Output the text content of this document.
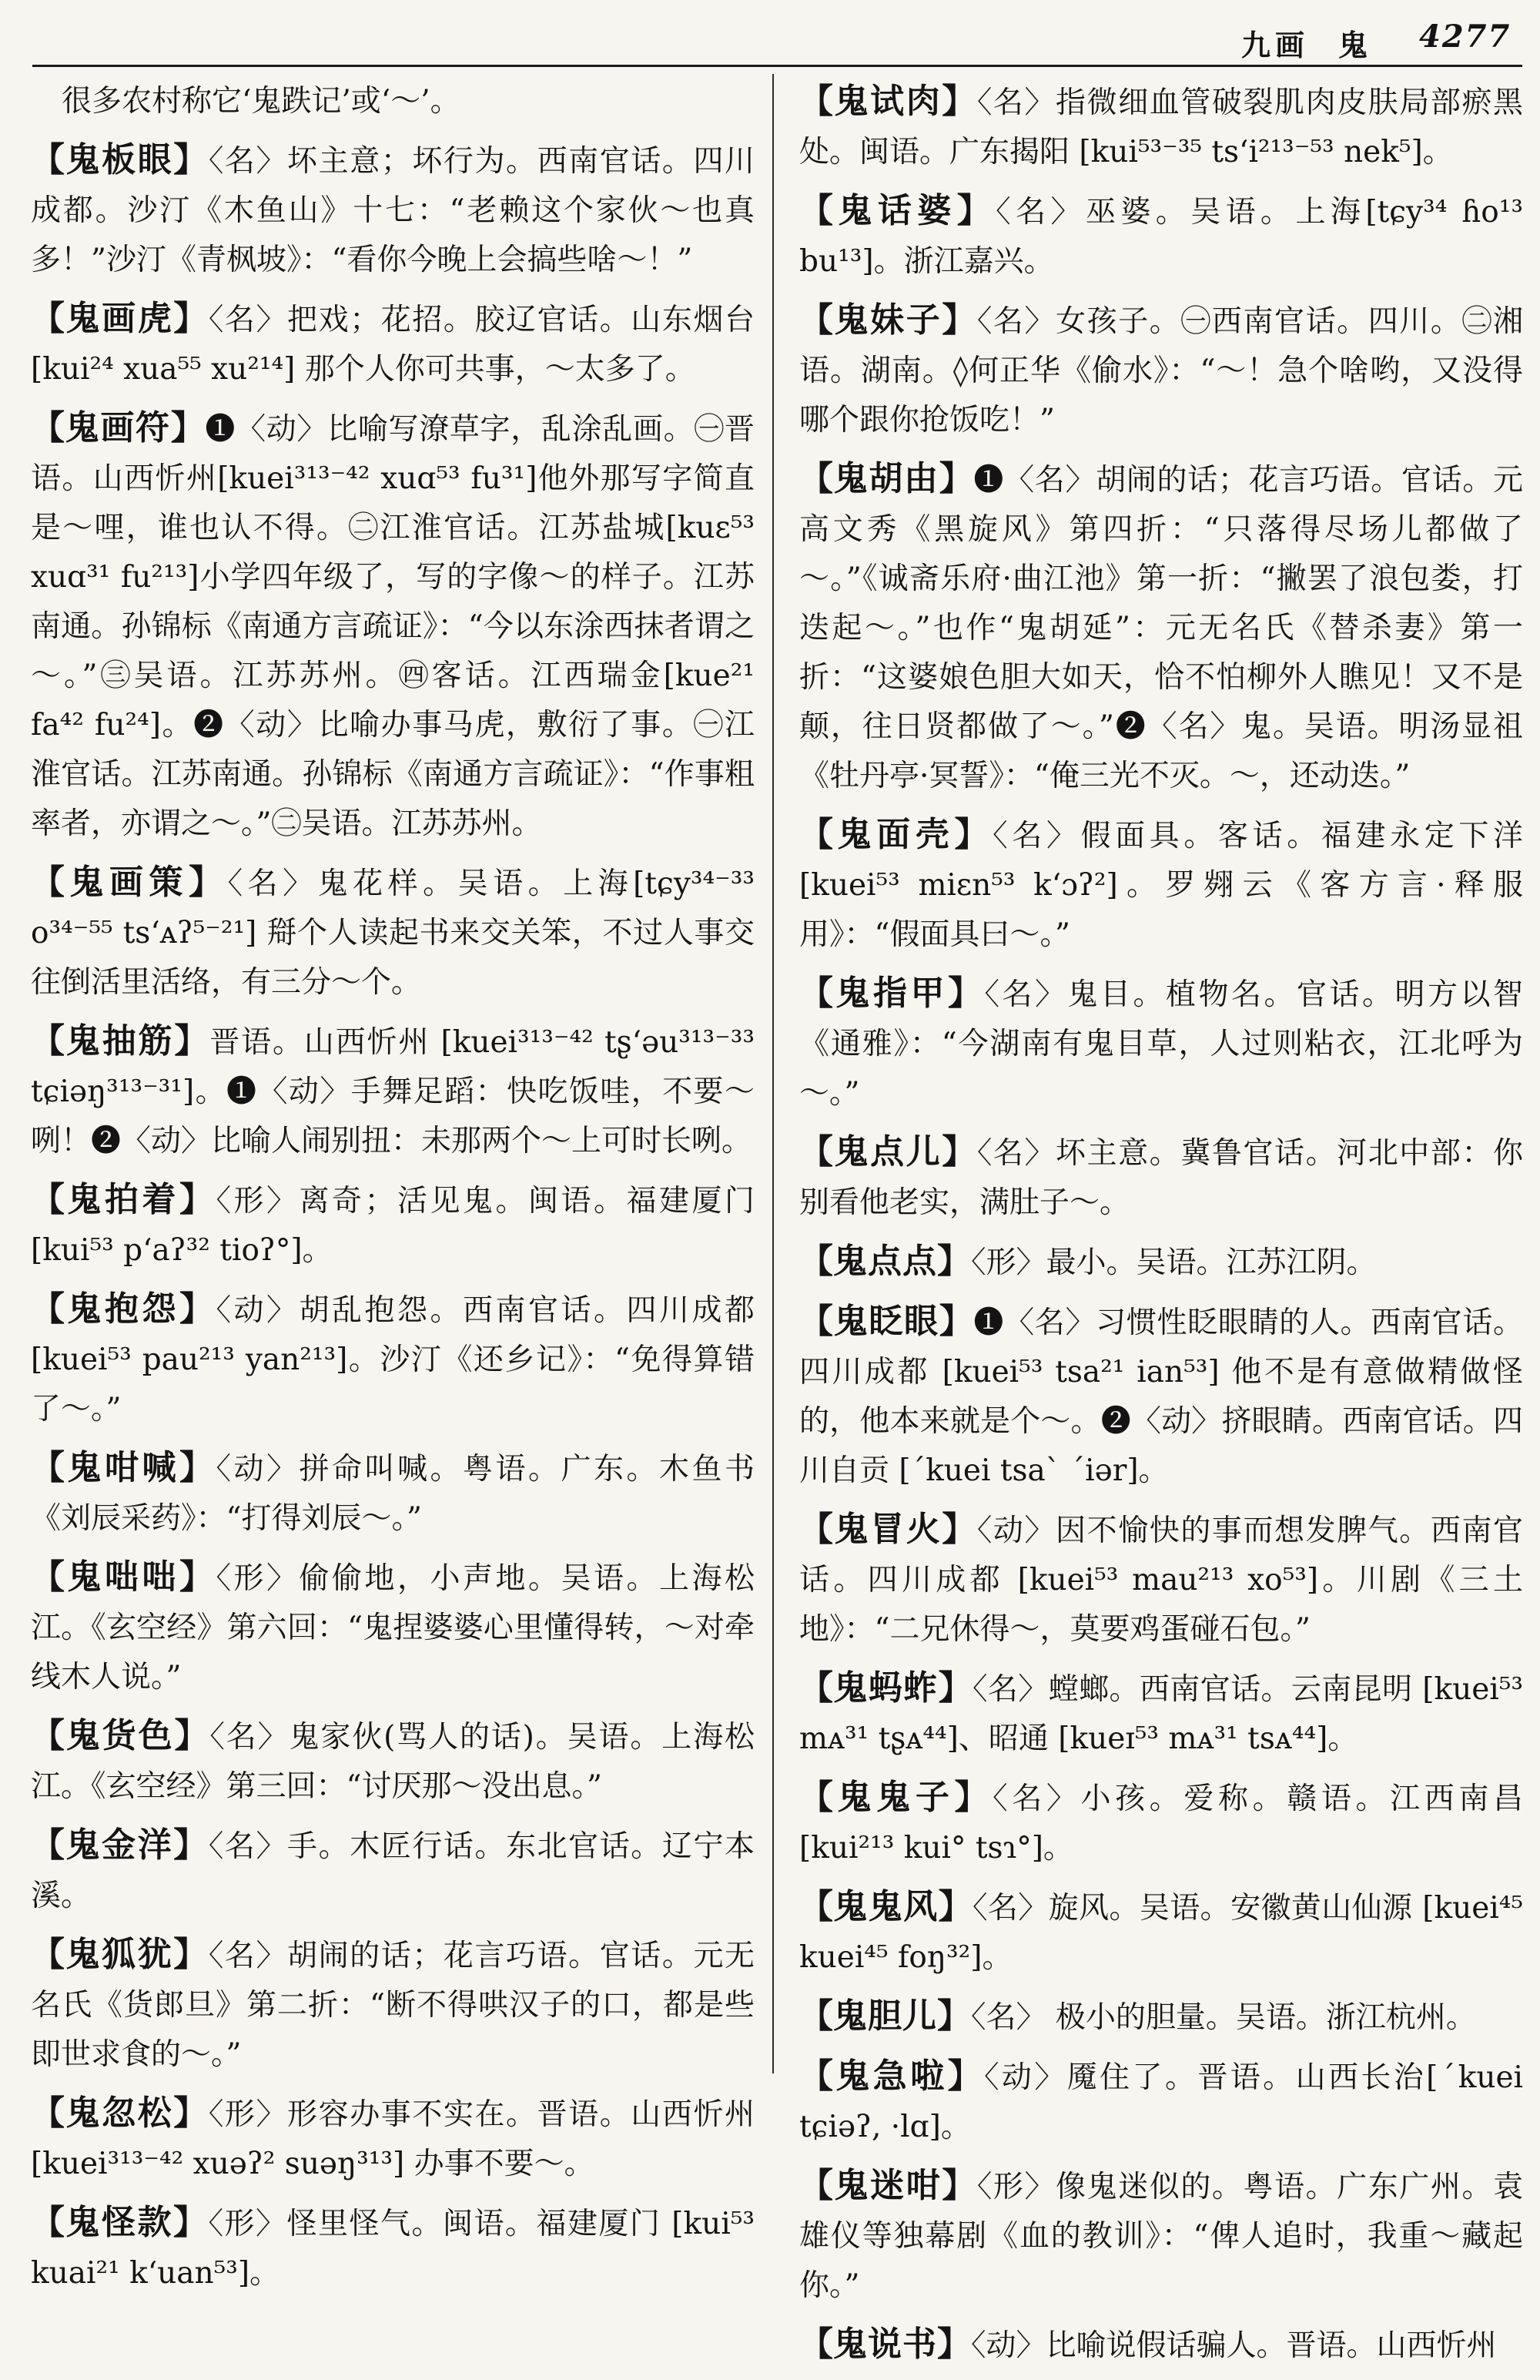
九画 鬼 4277
很多农村称它‘鬼跌记’或‘～’。
【鬼板眼】〈名〉坏主意；坏行为。西南官话。四川成都。沙汀《木鱼山》十七：“老赖这个家伙～也真多！”沙汀《青枫坡》：“看你今晚上会搞些啥～！”
【鬼画虎】〈名〉把戏；花招。胶辽官话。山东烟台 [kui²⁴ xua⁵⁵ xu²¹⁴] 那个人你可共事，～太多了。
【鬼画符】❶〈动〉比喻写潦草字，乱涂乱画。㊀晋语。山西忻州[kuei³¹³⁻⁴² xuɑ⁵³ fu³¹]他外那写字简直是～哩，谁也认不得。㊁江淮官话。江苏盐城[kuɛ⁵³ xuɑ³¹ fu²¹³]小学四年级了，写的字像～的样子。江苏南通。孙锦标《南通方言疏证》：“今以东涂西抹者谓之～。”㊂吴语。江苏苏州。㊃客话。江西瑞金[kue²¹ fa⁴² fu²⁴]。❷〈动〉比喻办事马虎，敷衍了事。㊀江淮官话。江苏南通。孙锦标《南通方言疏证》：“作事粗率者，亦谓之～。”㊁吴语。江苏苏州。
【鬼画策】〈名〉鬼花样。吴语。上海[tɕy³⁴⁻³³ o³⁴⁻⁵⁵ ts‘ᴀʔ⁵⁻²¹] 搿个人读起书来交关笨，不过人事交往倒活里活络，有三分～个。
【鬼抽筋】晋语。山西忻州 [kuei³¹³⁻⁴² tʂ‘əu³¹³⁻³³ tɕiəŋ³¹³⁻³¹]。❶〈动〉手舞足蹈：快吃饭哇，不要～咧！❷〈动〉比喻人闹别扭：未那两个～上可时长咧。
【鬼拍着】〈形〉离奇；活见鬼。闽语。福建厦门 [kui⁵³ p‘aʔ³² tioʔ°]。
【鬼抱怨】〈动〉胡乱抱怨。西南官话。四川成都 [kuei⁵³ pau²¹³ yan²¹³]。沙汀《还乡记》：“免得算错了～。”
【鬼咁喊】〈动〉拼命叫喊。粤语。广东。木鱼书《刘辰采药》：“打得刘辰～。”
【鬼咄咄】〈形〉偷偷地，小声地。吴语。上海松江。《玄空经》第六回：“鬼捏婆婆心里懂得转，～对牵线木人说。”
【鬼货色】〈名〉鬼家伙(骂人的话)。吴语。上海松江。《玄空经》第三回：“讨厌那～没出息。”
【鬼金洋】〈名〉手。木匠行话。东北官话。辽宁本溪。
【鬼狐犹】〈名〉胡闹的话；花言巧语。官话。元无名氏《货郎旦》第二折：“断不得哄汉子的口，都是些即世求食的～。”
【鬼忽松】〈形〉形容办事不实在。晋语。山西忻州 [kuei³¹³⁻⁴² xuəʔ² suəŋ³¹³] 办事不要～。
【鬼怪款】〈形〉怪里怪气。闽语。福建厦门 [kui⁵³ kuai²¹ k‘uan⁵³]。
【鬼试肉】〈名〉指微细血管破裂肌肉皮肤局部瘀黑处。闽语。广东揭阳 [kui⁵³⁻³⁵ ts‘i²¹³⁻⁵³ nek⁵]。
【鬼话婆】〈名〉巫婆。吴语。上海[tɕy³⁴ ɦo¹³ bu¹³]。浙江嘉兴。
【鬼妹子】〈名〉女孩子。㊀西南官话。四川。㊁湘语。湖南。◊何正华《偷水》：“～！急个啥哟，又没得哪个跟你抢饭吃！”
【鬼胡由】❶〈名〉胡闹的话；花言巧语。官话。元高文秀《黑旋风》第四折：“只落得尽场儿都做了～。”《诚斋乐府·曲江池》第一折：“撇罢了浪包娄，打迭起～。”也作“鬼胡延”：元无名氏《替杀妻》第一折：“这婆娘色胆大如天，恰不怕柳外人瞧见！又不是颠，往日贤都做了～。”❷〈名〉鬼。吴语。明汤显祖《牡丹亭·冥誓》：“俺三光不灭。～，还动迭。”
【鬼面壳】〈名〉假面具。客话。福建永定下洋[kuei⁵³ miɛn⁵³ k‘ɔʔ²]。罗翙云《客方言·释服用》：“假面具曰～。”
【鬼指甲】〈名〉鬼目。植物名。官话。明方以智《通雅》：“今湖南有鬼目草，人过则粘衣，江北呼为～。”
【鬼点儿】〈名〉坏主意。冀鲁官话。河北中部：你别看他老实，满肚子～。
【鬼点点】〈形〉最小。吴语。江苏江阴。
【鬼眨眼】❶〈名〉习惯性眨眼睛的人。西南官话。四川成都 [kuei⁵³ tsa²¹ ian⁵³] 他不是有意做精做怪的，他本来就是个～。❷〈动〉挤眼睛。西南官话。四川自贡 [ˊkuei tsaˋ ˊiər]。
【鬼冒火】〈动〉因不愉快的事而想发脾气。西南官话。四川成都 [kuei⁵³ mau²¹³ xo⁵³]。川剧《三土地》：“二兄休得～，莫要鸡蛋碰石包。”
【鬼蚂蚱】〈名〉螳螂。西南官话。云南昆明 [kuei⁵³ mᴀ³¹ tʂᴀ⁴⁴]、昭通 [kueɪ⁵³ mᴀ³¹ tsᴀ⁴⁴]。
【鬼鬼子】〈名〉小孩。爱称。赣语。江西南昌 [kui²¹³ kui° tsɿ°]。
【鬼鬼风】〈名〉旋风。吴语。安徽黄山仙源 [kuei⁴⁵ kuei⁴⁵ foŋ³²]。
【鬼胆儿】〈名〉 极小的胆量。吴语。浙江杭州。
【鬼急啦】〈动〉魇住了。晋语。山西长治[ˊkuei tɕiəʔ, ·lɑ]。
【鬼迷咁】〈形〉像鬼迷似的。粤语。广东广州。袁雄仪等独幕剧《血的教训》：“俾人追时，我重～藏起你。”
【鬼说书】〈动〉比喻说假话骗人。晋语。山西忻州
